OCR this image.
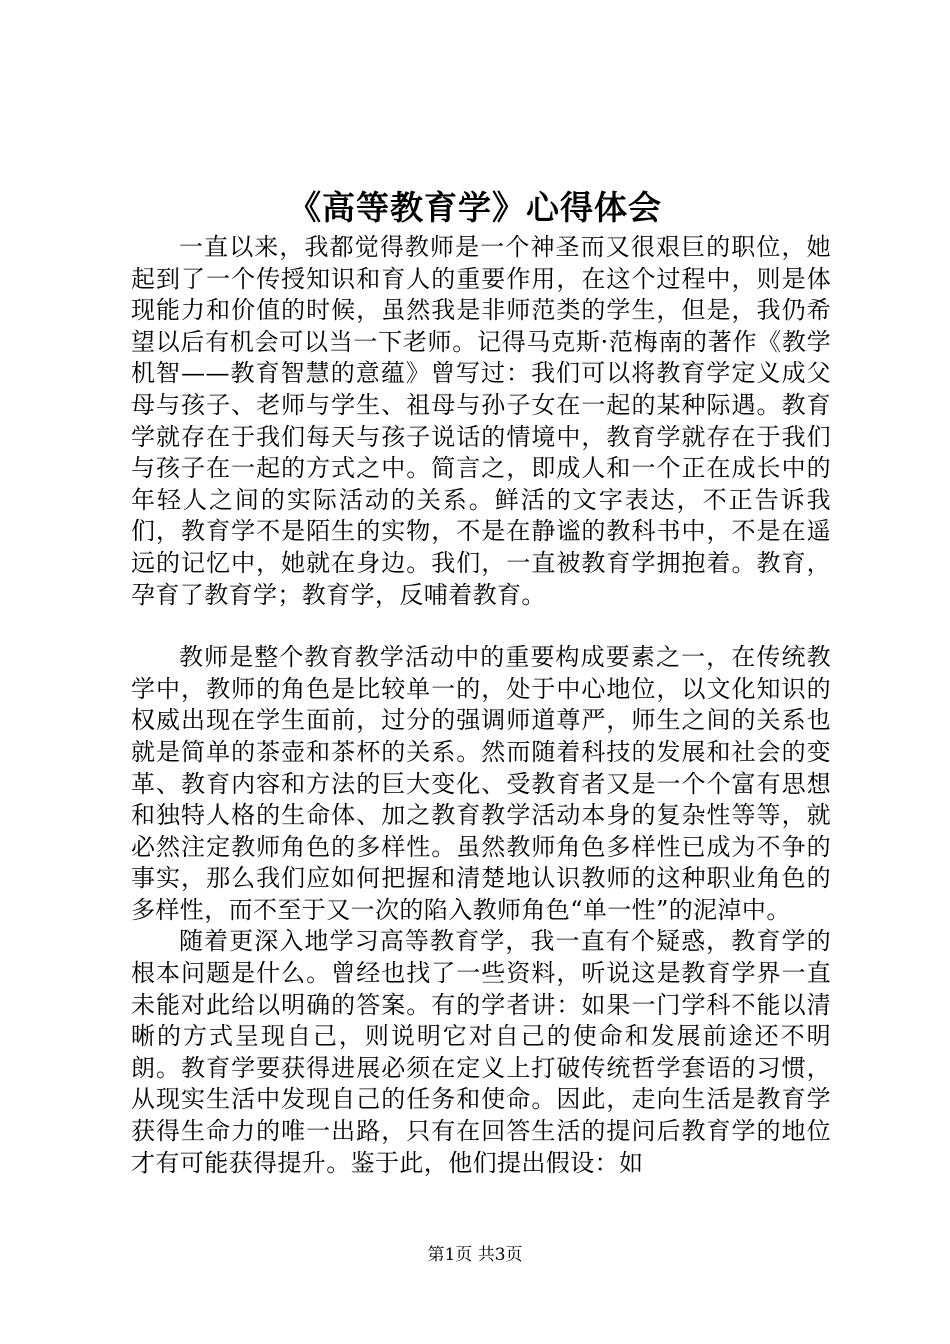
《高等教育学》心得体会

一直以来，我都觉得教师是一个神圣而又很艰巨的职位，她起到了一个传授知识和育人的重要作用，在这个过程中，则是体现能力和价值的时候，虽然我是非师范类的学生，但是，我仍希望以后有机会可以当一下老师。记得马克斯·范梅南的著作《教学机智——教育智慧的意蕴》曾写过：我们可以将教育学定义成父母与孩子、老师与学生、祖母与孙子女在一起的某种际遇。教育学就存在于我们每天与孩子说话的情境中，教育学就存在于我们与孩子在一起的方式之中。简言之，即成人和一个正在成长中的年轻人之间的实际活动的关系。鲜活的文字表达，不正告诉我们，教育学不是陌生的实物，不是在静谧的教科书中，不是在遥远的记忆中，她就在身边。我们，一直被教育学拥抱着。教育，孕育了教育学；教育学，反哺着教育。

教师是整个教育教学活动中的重要构成要素之一，在传统教学中，教师的角色是比较单一的，处于中心地位，以文化知识的权威出现在学生面前，过分的强调师道尊严，师生之间的关系也就是简单的茶壶和茶杯的关系。然而随着科技的发展和社会的变革、教育内容和方法的巨大变化、受教育者又是一个个富有思想和独特人格的生命体、加之教育教学活动本身的复杂性等等，就必然注定教师角色的多样性。虽然教师角色多样性已成为不争的事实，那么我们应如何把握和清楚地认识教师的这种职业角色的多样性，而不至于又一次的陷入教师角色“单一性”的泥淖中。

随着更深入地学习高等教育学，我一直有个疑惑，教育学的根本问题是什么。曾经也找了一些资料，听说这是教育学界一直未能对此给以明确的答案。有的学者讲：如果一门学科不能以清晰的方式呈现自己，则说明它对自己的使命和发展前途还不明朗。教育学要获得进展必须在定义上打破传统哲学套语的习惯，从现实生活中发现自己的任务和使命。因此，走向生活是教育学获得生命力的唯一出路，只有在回答生活的提问后教育学的地位才有可能获得提升。鉴于此，他们提出假设：如

第1页 共3页
